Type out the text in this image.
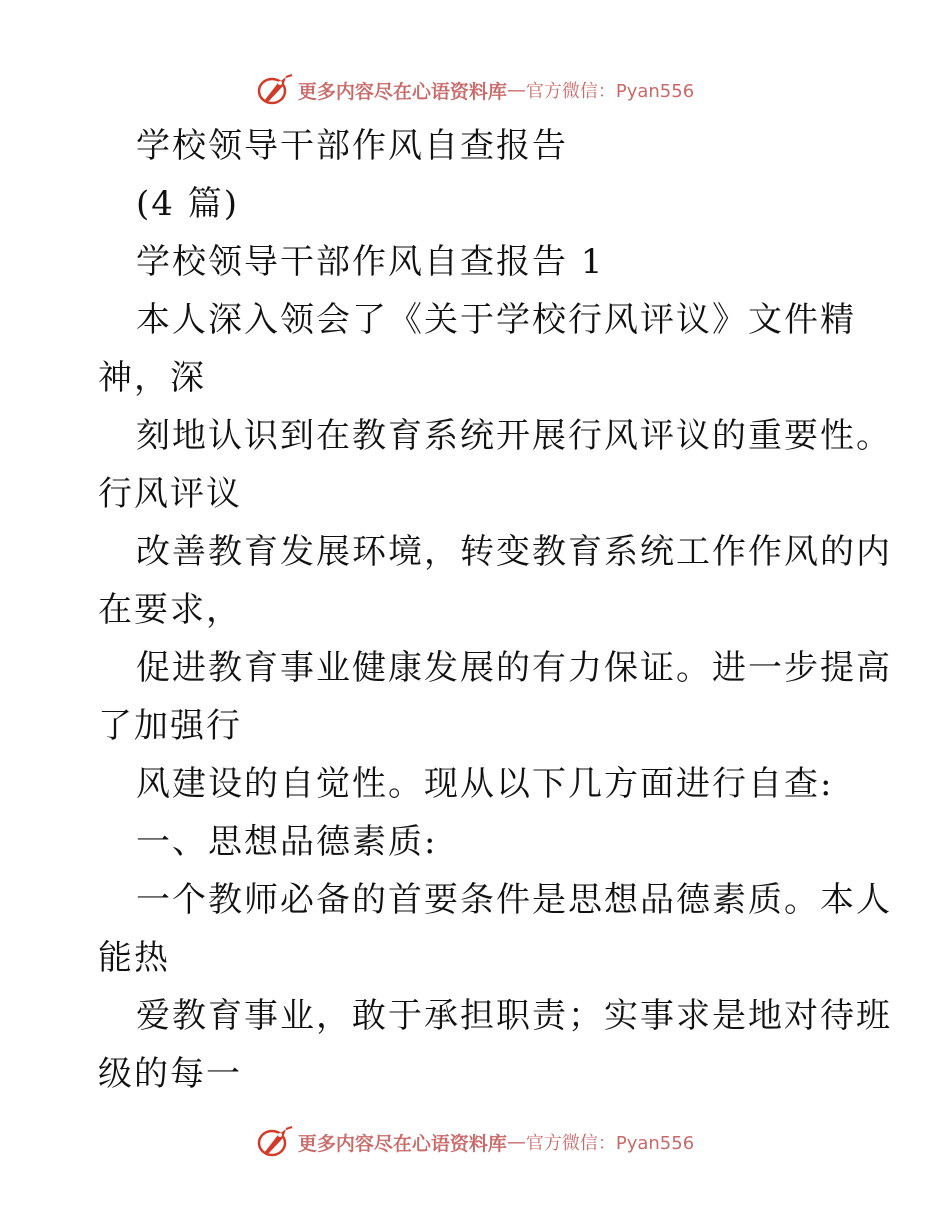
更多内容尽在心语资料库 — 官方微信：Pyan556
学校领导干部作风自查报告
(4 篇)
学校领导干部作风自查报告 1
本人深入领会了《关于学校行风评议》文件精
神，深
刻地认识到在教育系统开展行风评议的重要性。
行风评议
改善教育发展环境，转变教育系统工作作风的内
在要求，
促进教育事业健康发展的有力保证。进一步提高
了加强行
风建设的自觉性。现从以下几方面进行自查:
一、思想品德素质:
一个教师必备的首要条件是思想品德素质。本人
能热
爱教育事业，敢于承担职责；实事求是地对待班
级的每一
更多内容尽在心语资料库 — 官方微信：Pyan556
